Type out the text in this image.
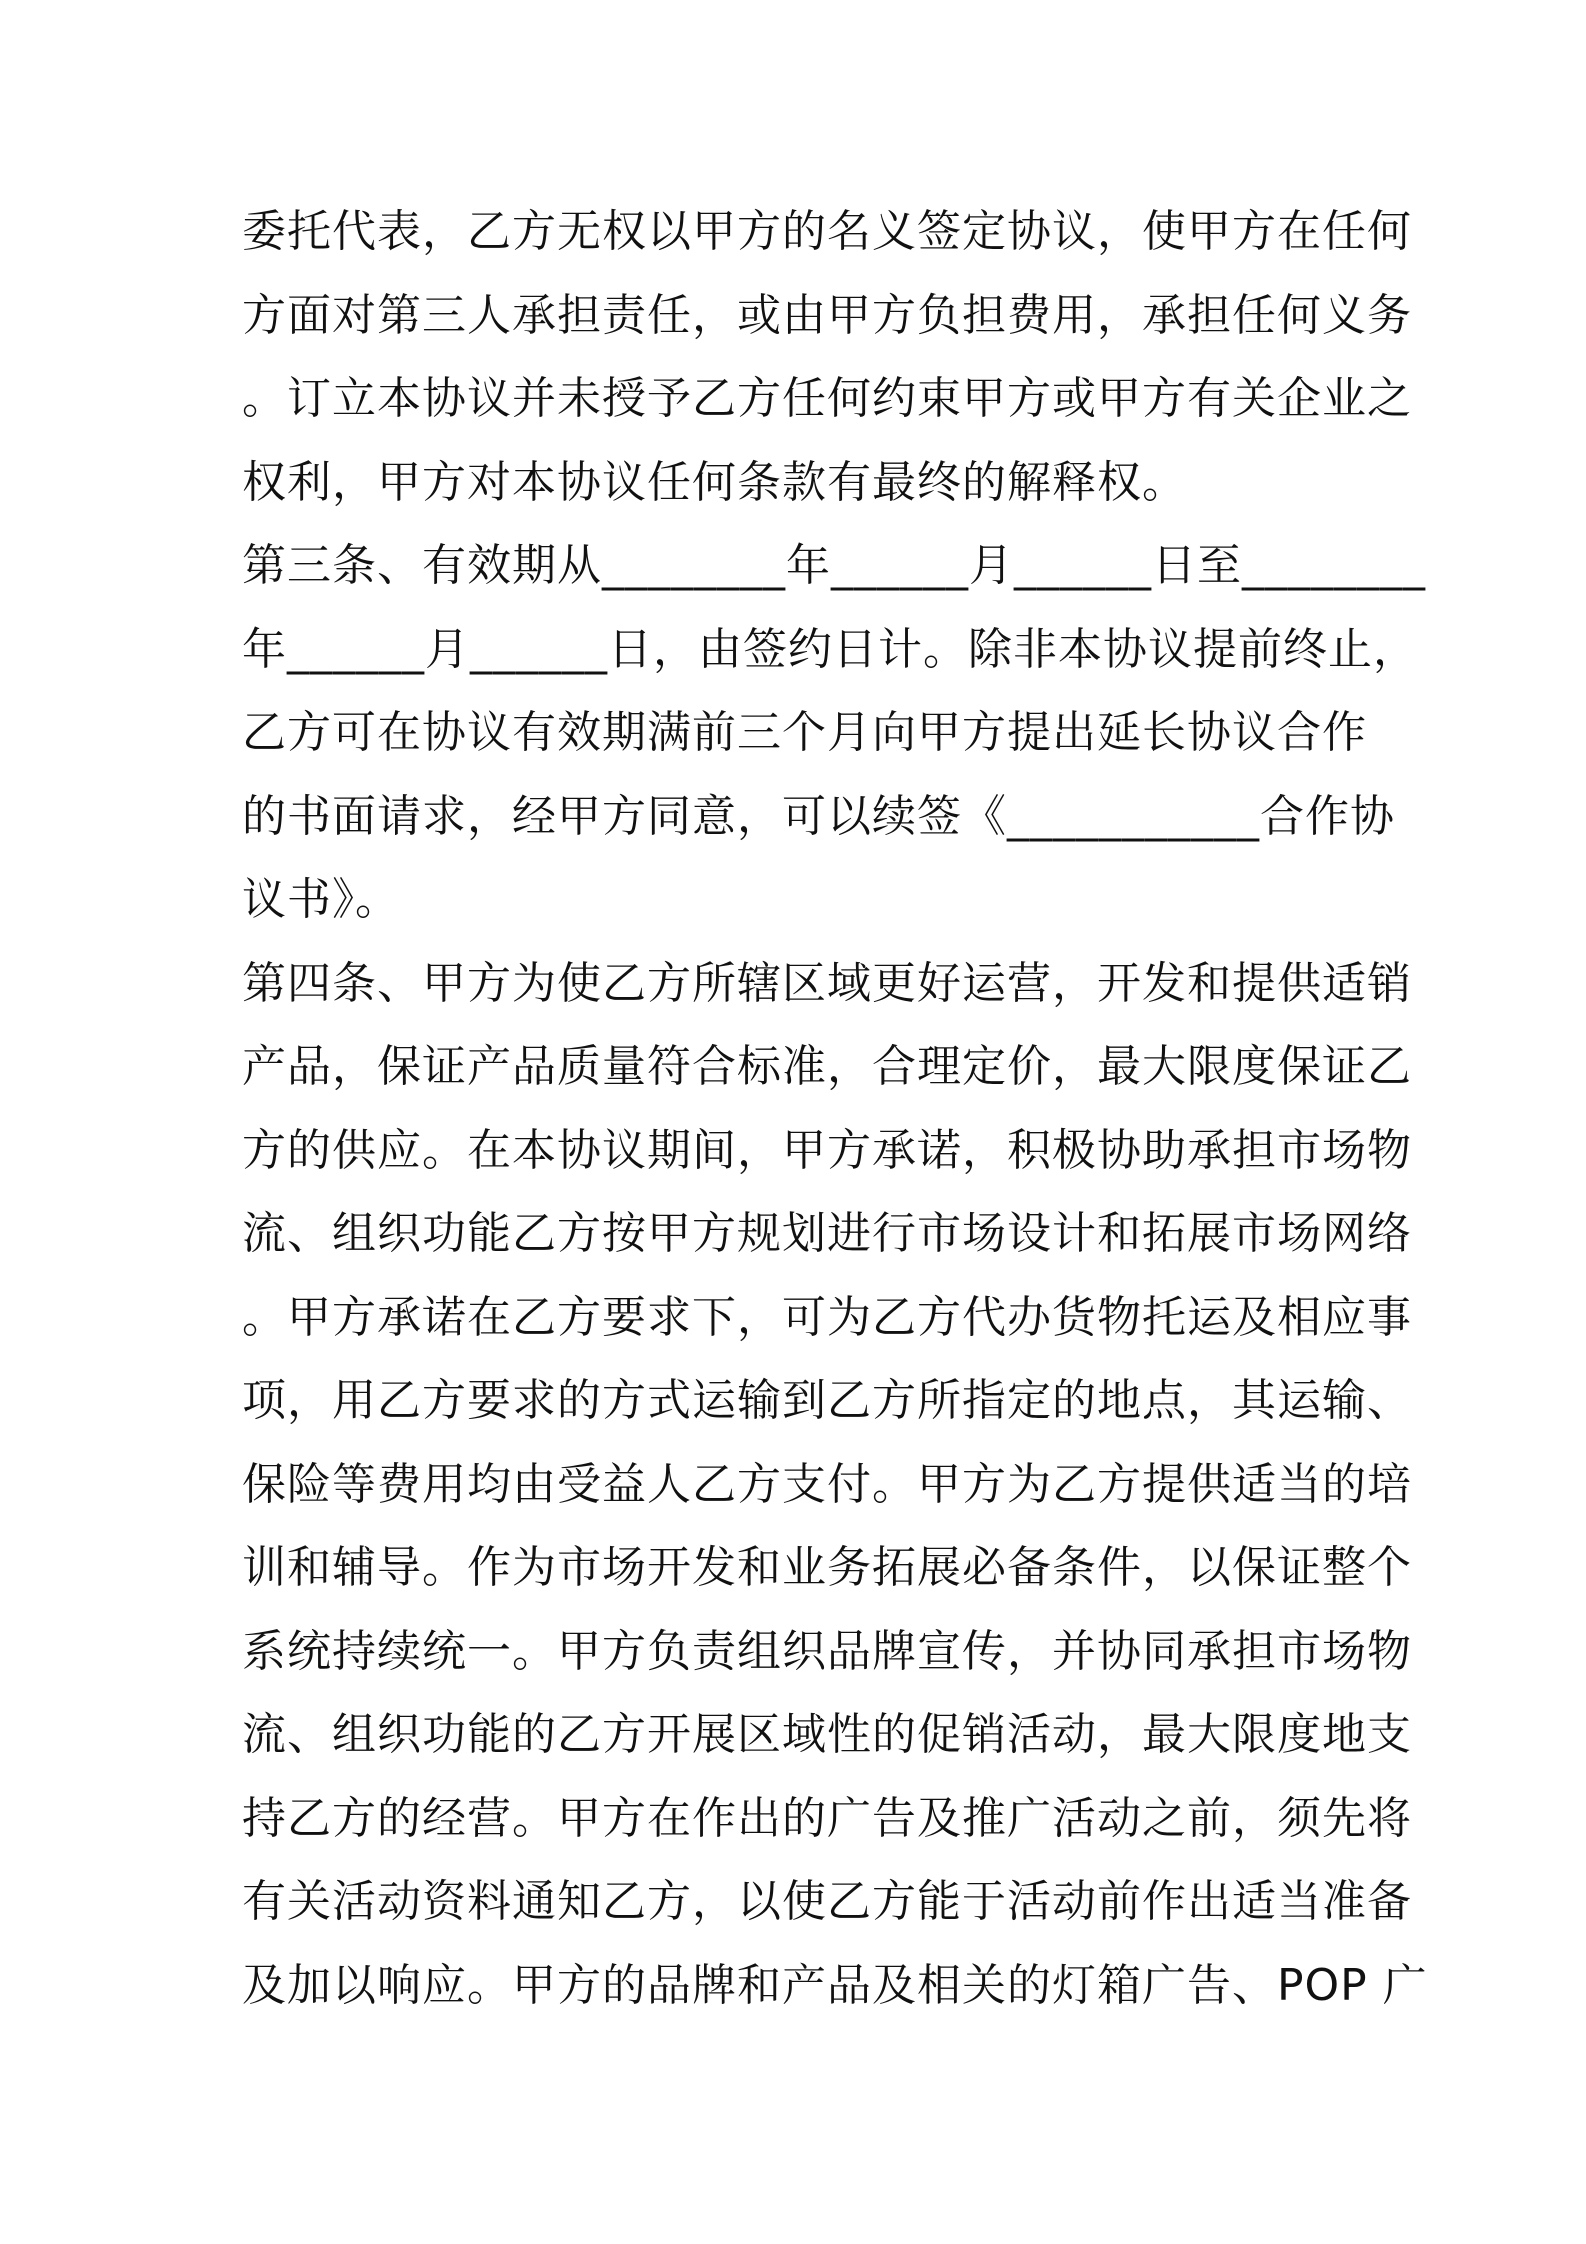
委托代表，乙方无权以甲方的名义签定协议，使甲方在任何
方面对第三人承担责任，或由甲方负担费用，承担任何义务
。订立本协议并未授予乙方任何约束甲方或甲方有关企业之
权利，甲方对本协议任何条款有最终的解释权。
第三条、有效期从________年______月______日至________
年______月______日，由签约日计。除非本协议提前终止，
乙方可在协议有效期满前三个月向甲方提出延长协议合作
的书面请求，经甲方同意，可以续签《___________合作协
议书》。
第四条、甲方为使乙方所辖区域更好运营，开发和提供适销
产品，保证产品质量符合标准，合理定价，最大限度保证乙
方的供应。在本协议期间，甲方承诺，积极协助承担市场物
流、组织功能乙方按甲方规划进行市场设计和拓展市场网络
。甲方承诺在乙方要求下，可为乙方代办货物托运及相应事
项，用乙方要求的方式运输到乙方所指定的地点，其运输、
保险等费用均由受益人乙方支付。甲方为乙方提供适当的培
训和辅导。作为市场开发和业务拓展必备条件，以保证整个
系统持续统一。甲方负责组织品牌宣传，并协同承担市场物
流、组织功能的乙方开展区域性的促销活动，最大限度地支
持乙方的经营。甲方在作出的广告及推广活动之前，须先将
有关活动资料通知乙方，以使乙方能于活动前作出适当准备
及加以响应。甲方的品牌和产品及相关的灯箱广告、POP 广
